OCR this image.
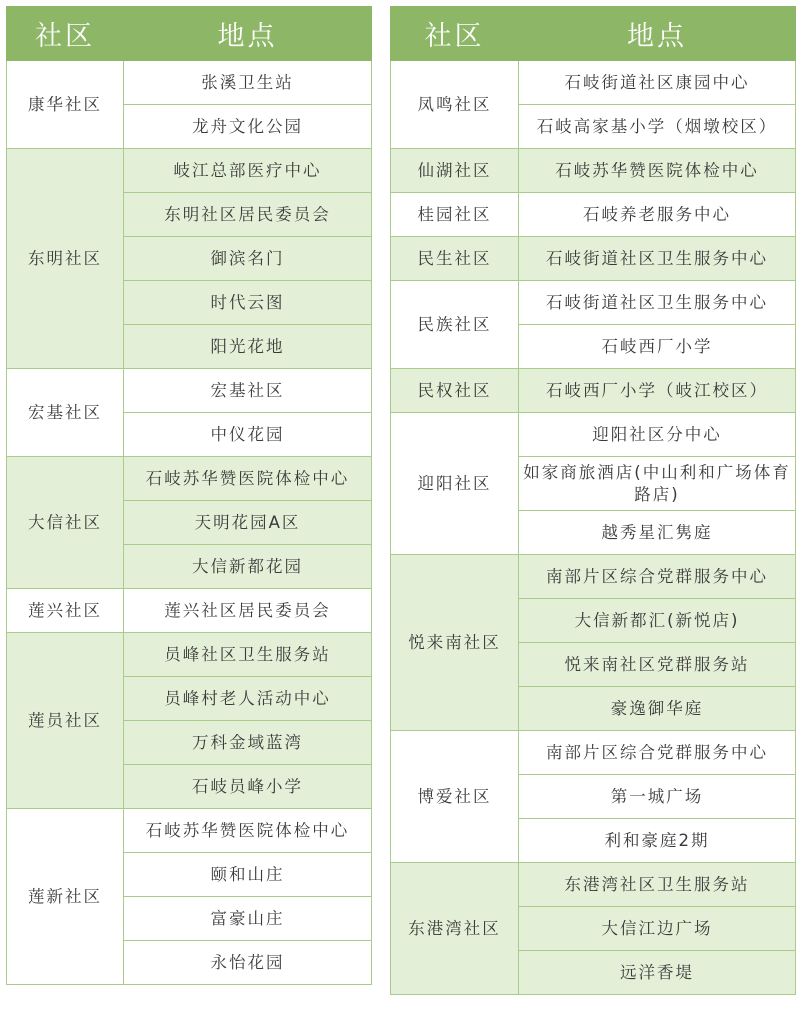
社区	地点
康华社区	张溪卫生站
	龙舟文化公园
东明社区	岐江总部医疗中心
	东明社区居民委员会
	御滨名门
	时代云图
	阳光花地
宏基社区	宏基社区
	中仪花园
大信社区	石岐苏华赞医院体检中心
	天明花园A区
	大信新都花园
莲兴社区	莲兴社区居民委员会
莲员社区	员峰社区卫生服务站
	员峰村老人活动中心
	万科金域蓝湾
	石岐员峰小学
莲新社区	石岐苏华赞医院体检中心
	颐和山庄
	富豪山庄
	永怡花园
社区	地点
凤鸣社区	石岐街道社区康园中心
	石岐高家基小学（烟墩校区）
仙湖社区	石岐苏华赞医院体检中心
桂园社区	石岐养老服务中心
民生社区	石岐街道社区卫生服务中心
民族社区	石岐街道社区卫生服务中心
	石岐西厂小学
民权社区	石岐西厂小学（岐江校区）
迎阳社区	迎阳社区分中心
	如家商旅酒店(中山利和广场体育路店)
	越秀星汇隽庭
悦来南社区	南部片区综合党群服务中心
	大信新都汇(新悦店)
	悦来南社区党群服务站
	豪逸御华庭
博爱社区	南部片区综合党群服务中心
	第一城广场
	利和豪庭2期
东港湾社区	东港湾社区卫生服务站
	大信江边广场
	远洋香堤
